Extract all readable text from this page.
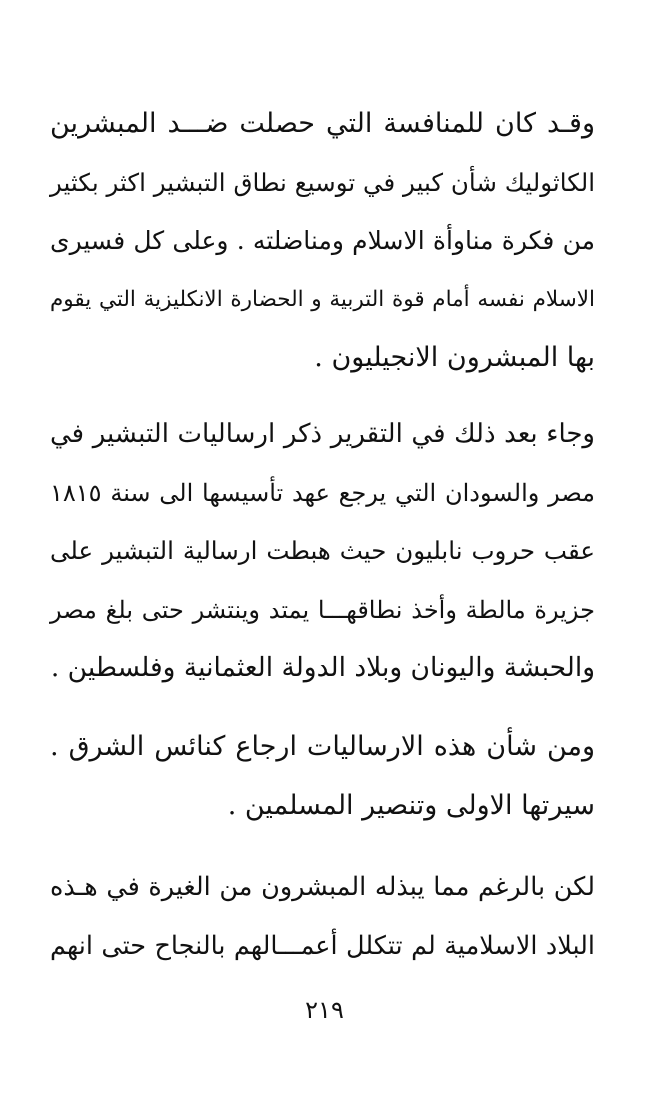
وقـد كان للمنافسة التي حصلت ضـــد المبشرين
الكاثوليك شأن كبير في توسيع نطاق التبشير اكثر بكثير
من فكرة مناوأة الاسلام ومناضلته . وعلى كل فسيرى
الاسلام نفسه أمام قوة التربية و الحضارة الانكليزية التي يقوم
بها المبشرون الانجيليون .
وجاء بعد ذلك في التقرير ذكر ارساليات التبشير في
مصر والسودان التي يرجع عهد تأسيسها الى سنة ١٨١٥
عقب حروب نابليون حيث هبطت ارسالية التبشير على
جزيرة مالطة وأخذ نطاقهـــا يمتد وينتشر حتى بلغ مصر
والحبشة واليونان وبلاد الدولة العثمانية وفلسطين .
ومن شأن هذه الارساليات ارجاع كنائس الشرق .
سيرتها الاولى وتنصير المسلمين .
لكن بالرغم مما يبذله المبشرون من الغيرة في هـذه
البلاد الاسلامية لم تتكلل أعمـــالهم بالنجاح حتى انهم
٢١٩
